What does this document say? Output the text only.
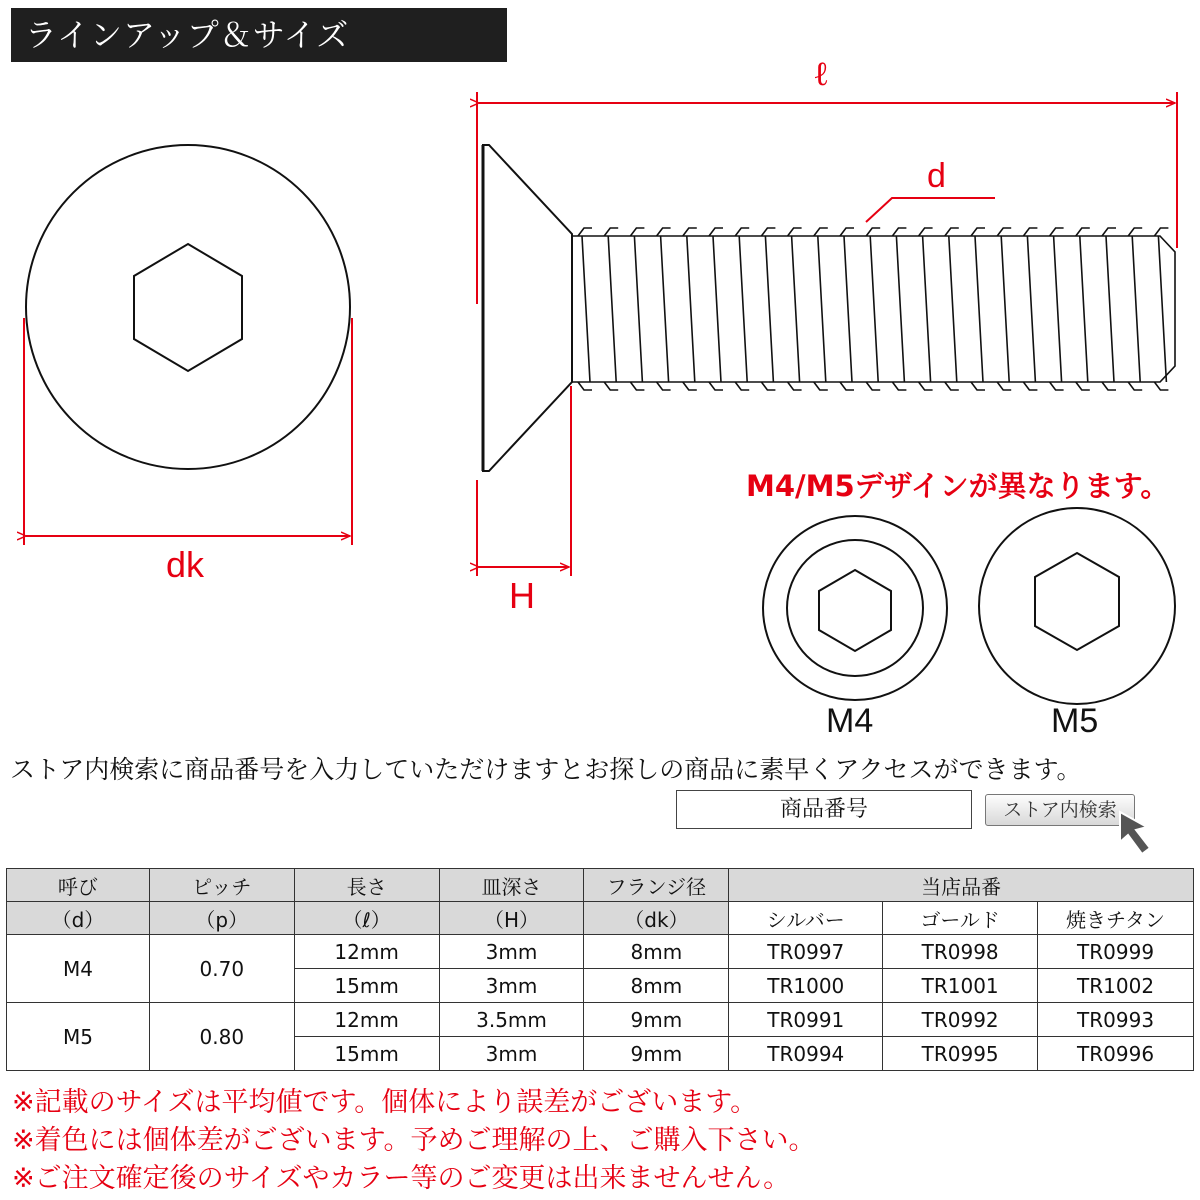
ラインアップ＆サイズ
ℓ
d
dk
H
M4/M5デザインが異なります。
M4	M5
ストア内検索に商品番号を入力していただけますとお探しの商品に素早くアクセスができます。
商品番号	ストア内検索
呼び	ピッチ	長さ	皿深さ	フランジ径	当店品番		
（d）	（p）	（ℓ）	（H）	（dk）	シルバー	ゴールド	焼きチタン
M4	0.70	12mm	3mm	8mm	TR0997	TR0998	TR0999
		15mm	3mm	8mm	TR1000	TR1001	TR1002
M5	0.80	12mm	3.5mm	9mm	TR0991	TR0992	TR0993
		15mm	3mm	9mm	TR0994	TR0995	TR0996
※記載のサイズは平均値です。個体により誤差がございます。
※着色には個体差がございます。予めご理解の上、ご購入下さい。
※ご注文確定後のサイズやカラー等のご変更は出来ませんせん。
